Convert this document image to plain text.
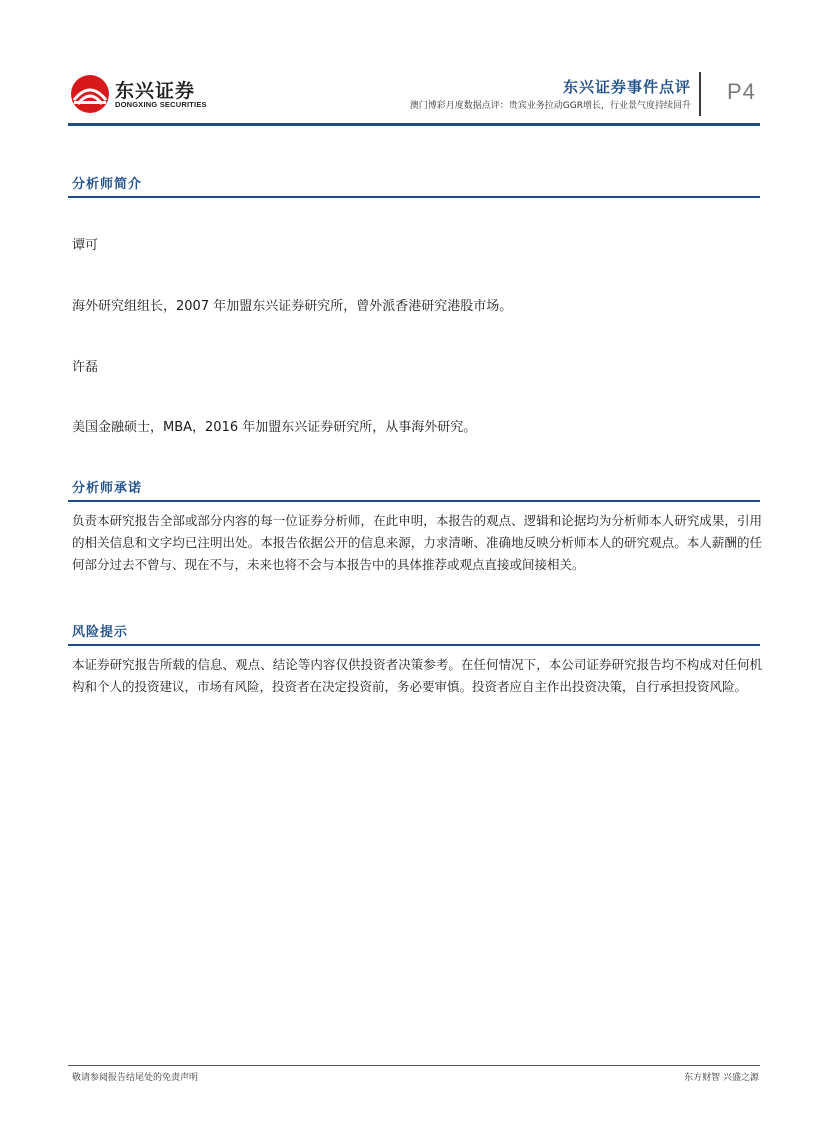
东兴证券
DONGXING SECURITIES
东兴证券事件点评
澳门博彩月度数据点评：贵宾业务拉动GGR增长，行业景气度持续回升
P4
分析师简介
谭可
海外研究组组长，2007 年加盟东兴证券研究所，曾外派香港研究港股市场。
许磊
美国金融硕士，MBA，2016 年加盟东兴证券研究所，从事海外研究。
分析师承诺
负责本研究报告全部或部分内容的每一位证券分析师，在此申明，本报告的观点、逻辑和论据均为分析师本人研究成果，引用的相关信息和文字均已注明出处。本报告依据公开的信息来源，力求清晰、准确地反映分析师本人的研究观点。本人薪酬的任何部分过去不曾与、现在不与，未来也将不会与本报告中的具体推荐或观点直接或间接相关。
风险提示
本证券研究报告所载的信息、观点、结论等内容仅供投资者决策参考。在任何情况下，本公司证券研究报告均不构成对任何机构和个人的投资建议，市场有风险，投资者在决定投资前，务必要审慎。投资者应自主作出投资决策，自行承担投资风险。
敬请参阅报告结尾处的免责声明	东方财智 兴盛之源
